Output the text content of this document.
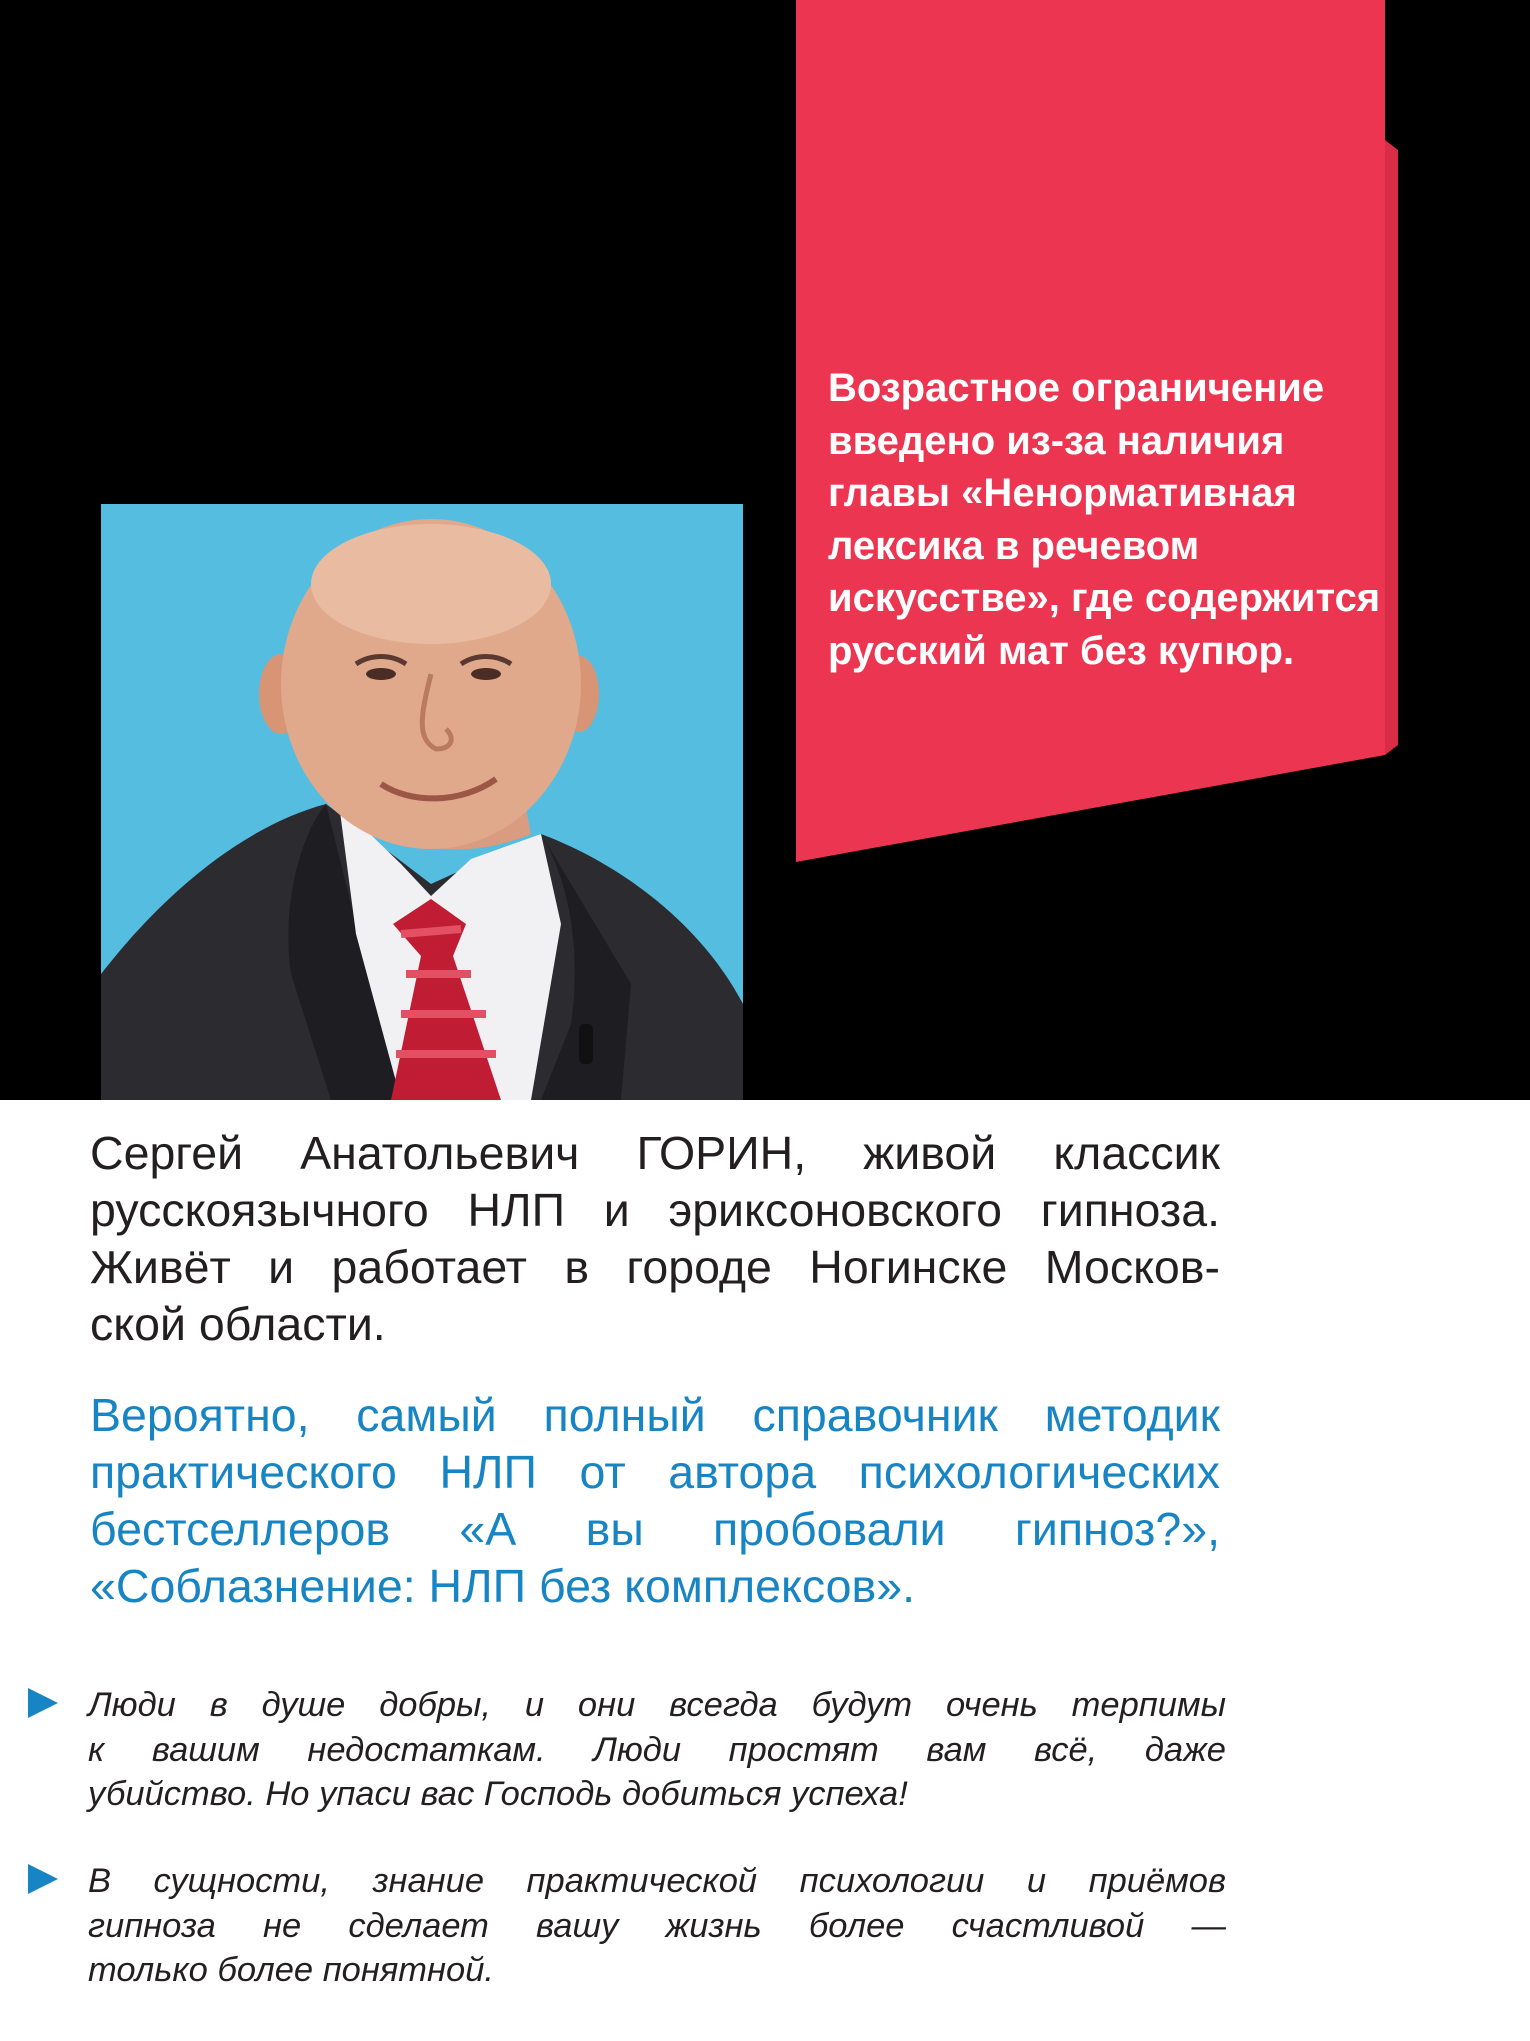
Возрастное ограничение
введено из-за наличия
главы «Ненормативная
лексика в речевом
искусстве», где содержится
русский мат без купюр.
Сергей Анатольевич ГОРИН, живой классик
русскоязычного НЛП и эриксоновского гипноза.
Живёт и работает в городе Ногинске Москов-
ской области.
Вероятно, самый полный справочник методик
практического НЛП от автора психологических
бестселлеров «А вы пробовали гипноз?»,
«Соблазнение: НЛП без комплексов».
Люди в душе добры, и они всегда будут очень терпимы
к вашим недостаткам. Люди простят вам всё, даже
убийство. Но упаси вас Господь добиться успеха!
В сущности, знание практической психологии и приёмов
гипноза не сделает вашу жизнь более счастливой —
только более понятной.
